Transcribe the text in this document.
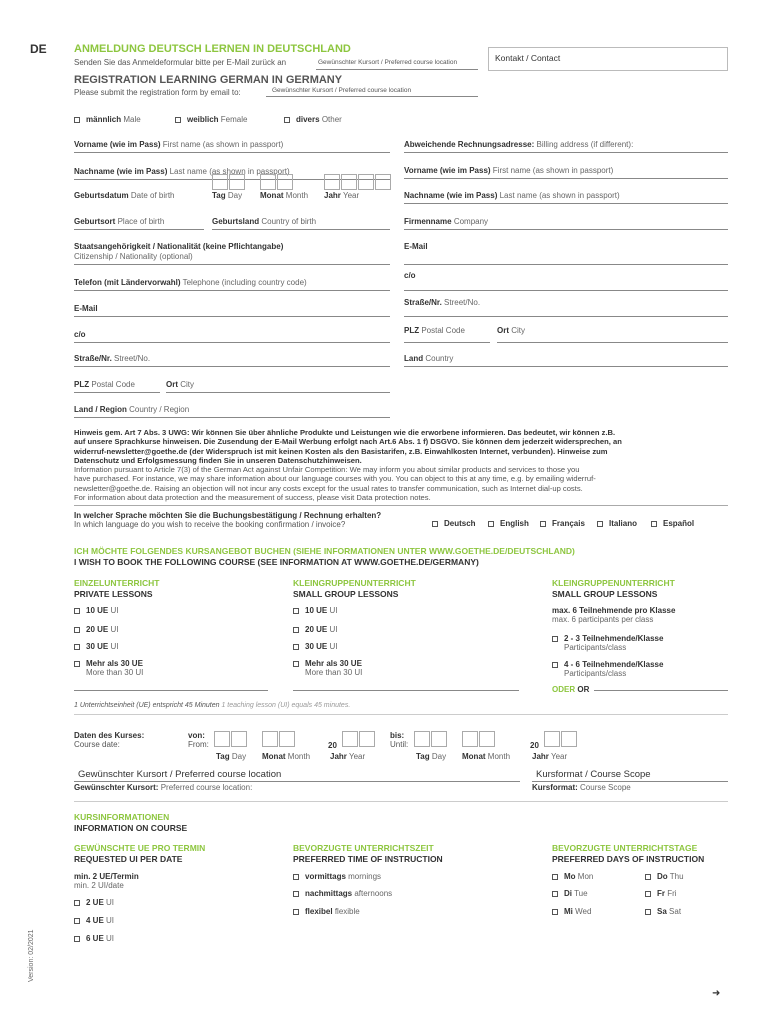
DE ANMELDUNG DEUTSCH LERNEN IN DEUTSCHLAND
Senden Sie das Anmeldeformular bitte per E-Mail zurück an	Gewünschter Kursort / Preferred course location	Kontakt / Contact
REGISTRATION LEARNING GERMAN IN GERMANY
Please submit the registration form by email to:	Gewünschter Kursort / Preferred course location
männlich Male	weiblich Female	divers Other
Vorname (wie im Pass) First name (as shown in passport)
Nachname (wie im Pass) Last name (as shown in passport)
Geburtsdatum Date of birth	Tag Day Monat Month Jahr Year
Geburtsort Place of birth	Geburtsland Country of birth
Staatsangehörigkeit / Nationalität (keine Pflichtangabe)
Citizenship / Nationality (optional)
Telefon (mit Ländervorwahl) Telephone (including country code)
E-Mail
c/o
Straße/Nr. Street/No.
PLZ Postal Code	Ort City
Land / Region Country / Region
Abweichende Rechnungsadresse: Billing address (if different):
Vorname (wie im Pass) First name (as shown in passport)
Nachname (wie im Pass) Last name (as shown in passport)
Firmenname Company
E-Mail
c/o
Straße/Nr. Street/No.
PLZ Postal Code	Ort City
Land Country
Hinweis gem. Art 7 Abs. 3 UWG: Wir können Sie über ähnliche Produkte und Leistungen wie die erworbene informieren. Das bedeutet, wir können z.B.
auf unsere Sprachkurse hinweisen. Die Zusendung der E-Mail Werbung erfolgt nach Art.6 Abs. 1 f) DSGVO. Sie können dem jederzeit widersprechen, an
widerruf-newsletter@goethe.de (der Widerspruch ist mit keinen Kosten als den Basistarifen, z.B. Einwahlkosten Internet, verbunden). Hinweise zum
Datenschutz und Erfolgsmessung finden Sie in unseren Datenschutzhinweisen.
Information pursuant to Article 7(3) of the German Act against Unfair Competition: We may inform you about similar products and services to those you
have purchased. For instance, we may share information about our language courses with you. You can object to this at any time, e.g. by emailing widerruf-
newsletter@goethe.de. Raising an objection will not incur any costs except for the usual rates to transfer communication, such as Internet dial-up costs.
For information about data protection and the measurement of success, please visit Data protection notes.
In welcher Sprache möchten Sie die Buchungsbestätigung / Rechnung erhalten?
In which language do you wish to receive the booking confirmation / invoice?	Deutsch	English	Français	Italiano	Español
ICH MÖCHTE FOLGENDES KURSANGEBOT BUCHEN (SIEHE INFORMATIONEN UNTER WWW.GOETHE.DE/DEUTSCHLAND)
I WISH TO BOOK THE FOLLOWING COURSE (SEE INFORMATION AT WWW.GOETHE.DE/GERMANY)
EINZELUNTERRICHT
PRIVATE LESSONS
KLEINGRUPPENUNTERRICHT
SMALL GROUP LESSONS
KLEINGRUPPENUNTERRICHT
SMALL GROUP LESSONS
10 UE UI
20 UE UI
30 UE UI
Mehr als 30 UE
More than 30 UI
10 UE UI
20 UE UI
30 UE UI
Mehr als 30 UE
More than 30 UI
max. 6 Teilnehmende pro Klasse
max. 6 participants per class
2 - 3 Teilnehmende/Klasse
Participants/class
4 - 6 Teilnehmende/Klasse
Participants/class
ODER OR
1 Unterrichtseinheit (UE) entspricht 45 Minuten 1 teaching lesson (UI) equals 45 minutes.
Daten des Kurses:
Course date:
von:
From:	20
Tag Day Monat Month Jahr Year
bis:
Until:	20
Tag Day Monat Month	Jahr Year
Gewünschter Kursort / Preferred course location
Gewünschter Kursort: Preferred course location:
Kursformat / Course Scope
Kursformat: Course Scope
KURSINFORMATIONEN
INFORMATION ON COURSE
GEWÜNSCHTE UE PRO TERMIN
REQUESTED UI PER DATE
min. 2 UE/Termin
min. 2 UI/date
2 UE UI
4 UE UI
6 UE UI
BEVORZUGTE UNTERRICHTSZEIT
PREFERRED TIME OF INSTRUCTION
vormittags mornings
nachmittags afternoons
flexibel flexible
BEVORZUGTE UNTERRICHTSTAGE
PREFERRED DAYS OF INSTRUCTION
Mo Mon	Do Thu
Di Tue	Fr Fri
Mi Wed	Sa Sat
Version: 02/2021
➜
